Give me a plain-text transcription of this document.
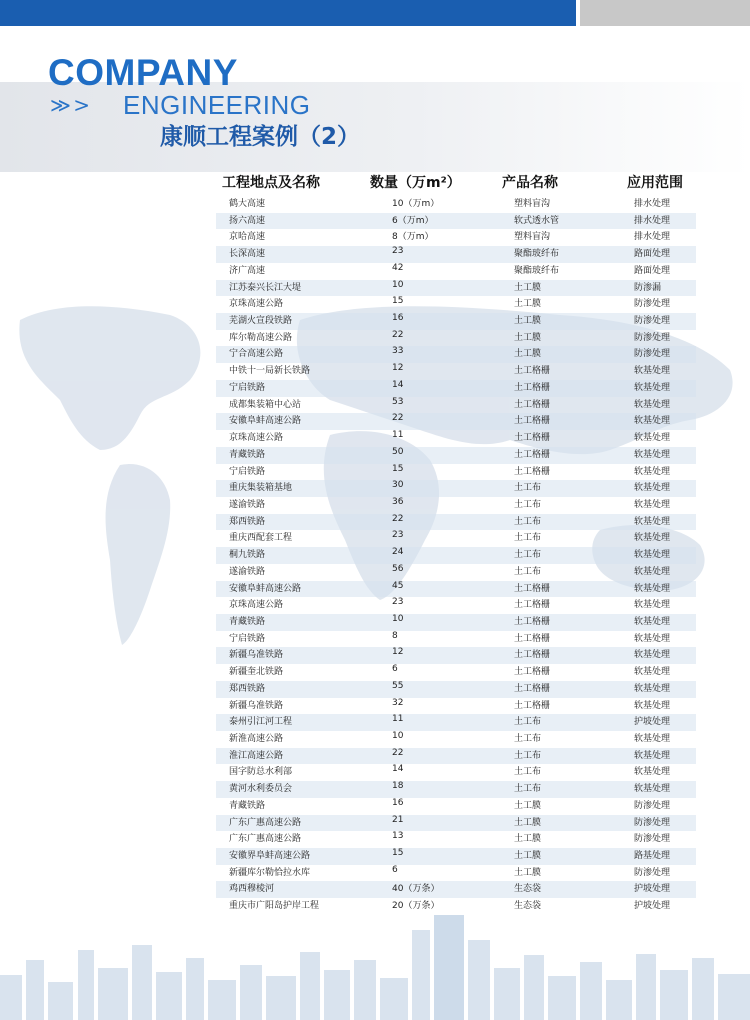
COMPANY
≫ > ENGINEERING
康顺工程案例（2）
工程地点及名称	数量（万m²）	产品名称	应用范围
鹤大高速	10（万m）	塑料盲沟	排水处理
扬六高速	6（万m）	软式透水管	排水处理
京哈高速	8（万m）	塑料盲沟	排水处理
长深高速	23	聚酯玻纤布	路面处理
济广高速	42	聚酯玻纤布	路面处理
江苏泰兴长江大堤	10	土工膜	防渗漏
京珠高速公路	15	土工膜	防渗处理
芜湖火宣段铁路	16	土工膜	防渗处理
库尔勒高速公路	22	土工膜	防渗处理
宁合高速公路	33	土工膜	防渗处理
中铁十一局新长铁路	12	土工格栅	软基处理
宁启铁路	14	土工格栅	软基处理
成都集装箱中心站	53	土工格栅	软基处理
安徽阜蚌高速公路	22	土工格栅	软基处理
京珠高速公路	11	土工格栅	软基处理
青藏铁路	50	土工格栅	软基处理
宁启铁路	15	土工格栅	软基处理
重庆集装箱基地	30	土工布	软基处理
遂渝铁路	36	土工布	软基处理
郑西铁路	22	土工布	软基处理
重庆西配套工程	23	土工布	软基处理
桐九铁路	24	土工布	软基处理
遂渝铁路	56	土工布	软基处理
安徽阜蚌高速公路	45	土工格栅	软基处理
京珠高速公路	23	土工格栅	软基处理
青藏铁路	10	土工格栅	软基处理
宁启铁路	8	土工格栅	软基处理
新疆乌准铁路	12	土工格栅	软基处理
新疆奎北铁路	6	土工格栅	软基处理
郑西铁路	55	土工格栅	软基处理
新疆乌准铁路	32	土工格栅	软基处理
泰州引江河工程	11	土工布	护坡处理
新淮高速公路	10	土工布	软基处理
淮江高速公路	22	土工布	软基处理
国字防总水利部	14	土工布	软基处理
黄河水利委员会	18	土工布	软基处理
青藏铁路	16	土工膜	防渗处理
广东广惠高速公路	21	土工膜	防渗处理
广东广惠高速公路	13	土工膜	防渗处理
安徽界阜蚌高速公路	15	土工膜	路基处理
新疆库尔勒恰拉水库	6	土工膜	防渗处理
鸡西穆棱河	40（万条）	生态袋	护坡处理
重庆市广阳岛护岸工程	20（万条）	生态袋	护坡处理
